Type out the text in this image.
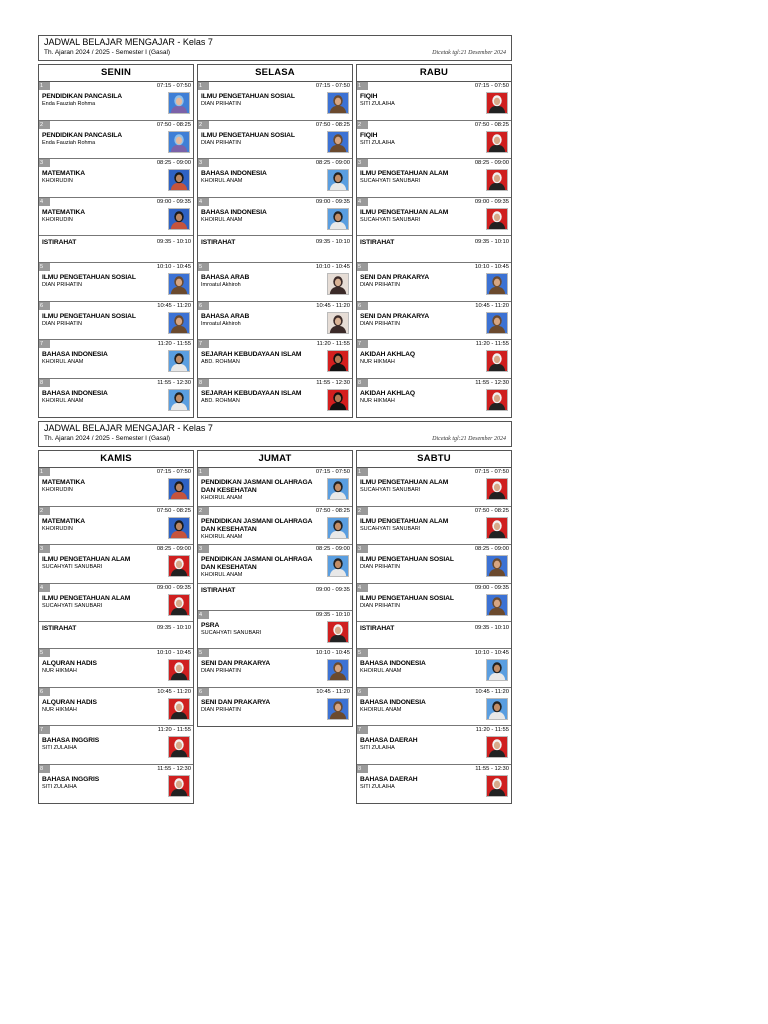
JADWAL BELAJAR MENGAJAR - Kelas 7
Th. Ajaran 2024 / 2025 - Semester I (Gasal)	Dicetak tgl:21 Desember 2024
SENIN
1	07:15 - 07:50
PENDIDIKAN PANCASILA
Enda Fauziah Rohma
2	07:50 - 08:25
PENDIDIKAN PANCASILA
Enda Fauziah Rohma
3	08:25 - 09:00
MATEMATIKA
KHOIRUDIN
4	09:00 - 09:35
MATEMATIKA
KHOIRUDIN
09:35 - 10:10
ISTIRAHAT
5	10:10 - 10:45
ILMU PENGETAHUAN SOSIAL
DIAN PRIHATIN
6	10:45 - 11:20
ILMU PENGETAHUAN SOSIAL
DIAN PRIHATIN
7	11:20 - 11:55
BAHASA INDONESIA
KHOIRUL ANAM
8	11:55 - 12:30
BAHASA INDONESIA
KHOIRUL ANAM
SELASA
1	07:15 - 07:50
ILMU PENGETAHUAN SOSIAL
DIAN PRIHATIN
2	07:50 - 08:25
ILMU PENGETAHUAN SOSIAL
DIAN PRIHATIN
3	08:25 - 09:00
BAHASA INDONESIA
KHOIRUL ANAM
4	09:00 - 09:35
BAHASA INDONESIA
KHOIRUL ANAM
09:35 - 10:10
ISTIRAHAT
5	10:10 - 10:45
BAHASA ARAB
Imroatul Akhiroh
6	10:45 - 11:20
BAHASA ARAB
Imroatul Akhiroh
7	11:20 - 11:55
SEJARAH KEBUDAYAAN ISLAM
ABD. ROHMAN
8	11:55 - 12:30
SEJARAH KEBUDAYAAN ISLAM
ABD. ROHMAN
RABU
1	07:15 - 07:50
FIQIH
SITI ZULAIHA
2	07:50 - 08:25
FIQIH
SITI ZULAIHA
3	08:25 - 09:00
ILMU PENGETAHUAN ALAM
SUCAHYATI SANUBARI
4	09:00 - 09:35
ILMU PENGETAHUAN ALAM
SUCAHYATI SANUBARI
09:35 - 10:10
ISTIRAHAT
5	10:10 - 10:45
SENI DAN PRAKARYA
DIAN PRIHATIN
6	10:45 - 11:20
SENI DAN PRAKARYA
DIAN PRIHATIN
7	11:20 - 11:55
AKIDAH AKHLAQ
NUR HIKMAH
8	11:55 - 12:30
AKIDAH AKHLAQ
NUR HIKMAH
JADWAL BELAJAR MENGAJAR - Kelas 7
Th. Ajaran 2024 / 2025 - Semester I (Gasal)	Dicetak tgl:21 Desember 2024
KAMIS
1	07:15 - 07:50
MATEMATIKA
KHOIRUDIN
2	07:50 - 08:25
MATEMATIKA
KHOIRUDIN
3	08:25 - 09:00
ILMU PENGETAHUAN ALAM
SUCAHYATI SANUBARI
4	09:00 - 09:35
ILMU PENGETAHUAN ALAM
SUCAHYATI SANUBARI
09:35 - 10:10
ISTIRAHAT
5	10:10 - 10:45
ALQURAN HADIS
NUR HIKMAH
6	10:45 - 11:20
ALQURAN HADIS
NUR HIKMAH
7	11:20 - 11:55
BAHASA INGGRIS
SITI ZULAIHA
8	11:55 - 12:30
BAHASA INGGRIS
SITI ZULAIHA
JUMAT
1	07:15 - 07:50
PENDIDIKAN JASMANI OLAHRAGA DAN KESEHATAN
KHOIRUL ANAM
2	07:50 - 08:25
PENDIDIKAN JASMANI OLAHRAGA DAN KESEHATAN
KHOIRUL ANAM
3	08:25 - 09:00
PENDIDIKAN JASMANI OLAHRAGA DAN KESEHATAN
KHOIRUL ANAM
09:00 - 09:35
ISTIRAHAT
4	09:35 - 10:10
PSRA
SUCAHYATI SANUBARI
5	10:10 - 10:45
SENI DAN PRAKARYA
DIAN PRIHATIN
6	10:45 - 11:20
SENI DAN PRAKARYA
DIAN PRIHATIN
SABTU
1	07:15 - 07:50
ILMU PENGETAHUAN ALAM
SUCAHYATI SANUBARI
2	07:50 - 08:25
ILMU PENGETAHUAN ALAM
SUCAHYATI SANUBARI
3	08:25 - 09:00
ILMU PENGETAHUAN SOSIAL
DIAN PRIHATIN
4	09:00 - 09:35
ILMU PENGETAHUAN SOSIAL
DIAN PRIHATIN
09:35 - 10:10
ISTIRAHAT
5	10:10 - 10:45
BAHASA INDONESIA
KHOIRUL ANAM
6	10:45 - 11:20
BAHASA INDONESIA
KHOIRUL ANAM
7	11:20 - 11:55
BAHASA DAERAH
SITI ZULAIHA
8	11:55 - 12:30
BAHASA DAERAH
SITI ZULAIHA
